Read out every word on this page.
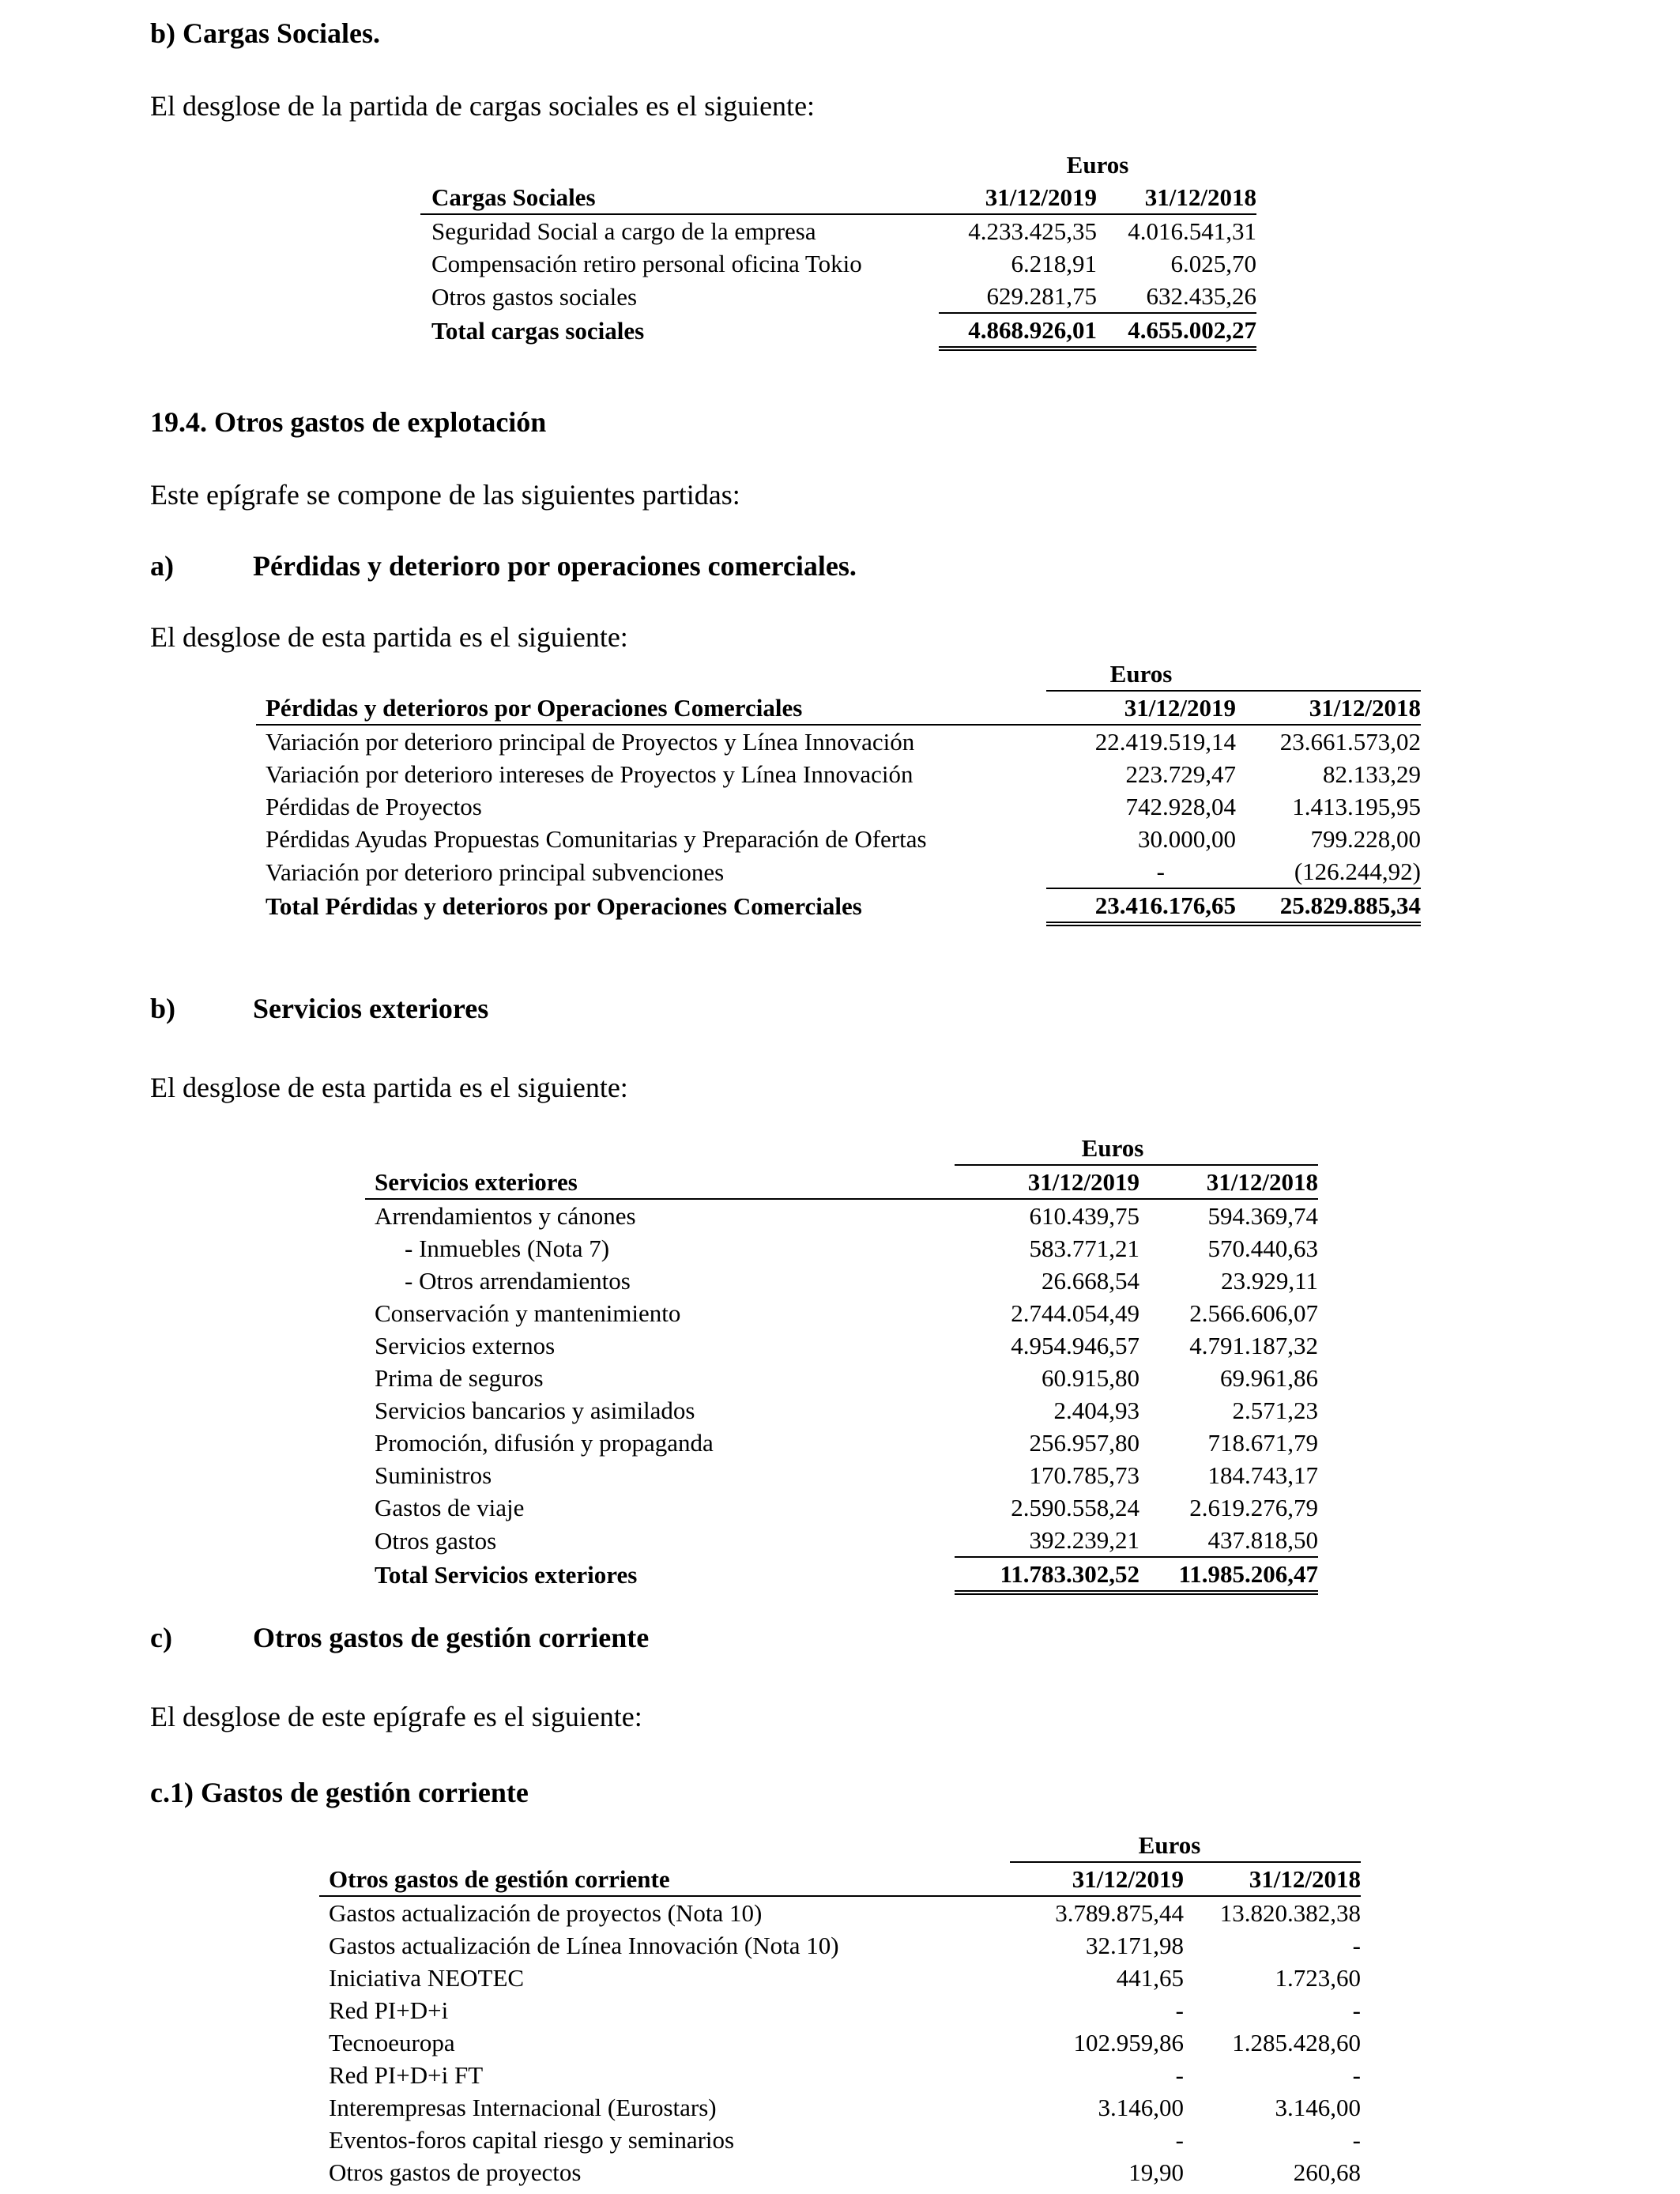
b) Cargas Sociales.
El desglose de la partida de cargas sociales es el siguiente:
	Euros	
Cargas Sociales	31/12/2019	31/12/2018
Seguridad Social a cargo de la empresa	4.233.425,35	4.016.541,31
Compensación retiro personal oficina Tokio	6.218,91	6.025,70
Otros gastos sociales	629.281,75	632.435,26
Total cargas sociales	4.868.926,01	4.655.002,27
19.4. Otros gastos de explotación
Este epígrafe se compone de las siguientes partidas:
a)	Pérdidas y deterioro por operaciones comerciales.
El desglose de esta partida es el siguiente:
	Euros	
Pérdidas y deterioros por Operaciones Comerciales	31/12/2019	31/12/2018
Variación por deterioro principal de Proyectos y Línea Innovación	22.419.519,14	23.661.573,02
Variación por deterioro intereses de Proyectos y Línea Innovación	223.729,47	82.133,29
Pérdidas de Proyectos	742.928,04	1.413.195,95
Pérdidas Ayudas Propuestas Comunitarias y Preparación de Ofertas	30.000,00	799.228,00
Variación por deterioro principal subvenciones	-	(126.244,92)
Total Pérdidas y deterioros por Operaciones Comerciales	23.416.176,65	25.829.885,34
b)	Servicios exteriores
El desglose de esta partida es el siguiente:
	Euros	
Servicios exteriores	31/12/2019	31/12/2018
Arrendamientos y cánones	610.439,75	594.369,74
- Inmuebles (Nota 7)	583.771,21	570.440,63
- Otros arrendamientos	26.668,54	23.929,11
Conservación y mantenimiento	2.744.054,49	2.566.606,07
Servicios externos	4.954.946,57	4.791.187,32
Prima de seguros	60.915,80	69.961,86
Servicios bancarios y asimilados	2.404,93	2.571,23
Promoción, difusión y propaganda	256.957,80	718.671,79
Suministros	170.785,73	184.743,17
Gastos de viaje	2.590.558,24	2.619.276,79
Otros gastos	392.239,21	437.818,50
Total Servicios exteriores	11.783.302,52	11.985.206,47
c)	Otros gastos de gestión corriente
El desglose de este epígrafe es el siguiente:
c.1) Gastos de gestión corriente
	Euros	
Otros gastos de gestión corriente	31/12/2019	31/12/2018
Gastos actualización de proyectos (Nota 10)	3.789.875,44	13.820.382,38
Gastos actualización de Línea Innovación (Nota 10)	32.171,98	-
Iniciativa NEOTEC	441,65	1.723,60
Red PI+D+i	-	-
Tecnoeuropa	102.959,86	1.285.428,60
Red PI+D+i FT	-	-
Interempresas Internacional (Eurostars)	3.146,00	3.146,00
Eventos-foros capital riesgo y seminarios	-	-
Otros gastos de proyectos	19,90	260,68
